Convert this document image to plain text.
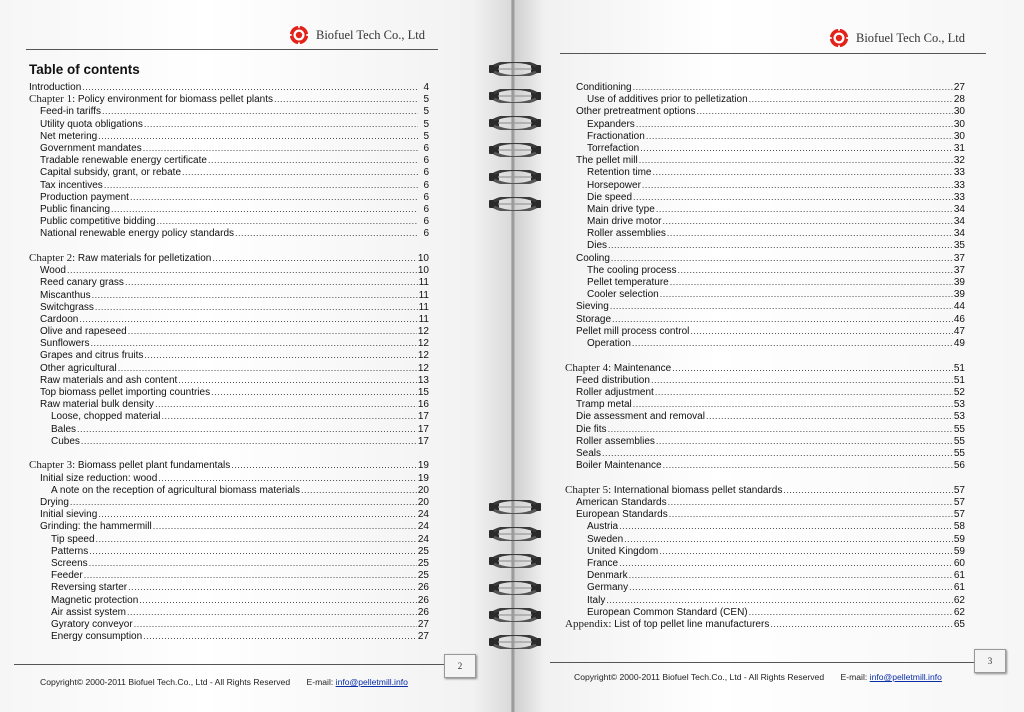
Biofuel Tech Co., Ltd
Table of contents
Introduction .....	4
Chapter 1: Policy environment for biomass pellet plants .....	5
Feed-in tariffs .....	5
Utility quota obligations .....	5
Net metering .....	5
Government mandates .....	6
Tradable renewable energy certificate .....	6
Capital subsidy, grant, or rebate .....	6
Tax incentives .....	6
Production payment .....	6
Public financing .....	6
Public competitive bidding .....	6
National renewable energy policy standards .....	6
Chapter 2: Raw materials for pelletization .....	10
Wood .....	10
Reed canary grass .....	11
Miscanthus .....	11
Switchgrass .....	11
Cardoon .....	11
Olive and rapeseed .....	12
Sunflowers .....	12
Grapes and citrus fruits .....	12
Other agricultural .....	12
Raw materials and ash content .....	13
Top biomass pellet importing countries .....	15
Raw material bulk density .....	16
Loose, chopped material .....	17
Bales .....	17
Cubes .....	17
Chapter 3: Biomass pellet plant fundamentals .....	19
Initial size reduction: wood .....	19
A note on the reception of agricultural biomass materials .....	20
Drying .....	20
Initial sieving .....	24
Grinding: the hammermill .....	24
Tip speed .....	24
Patterns .....	25
Screens .....	25
Feeder .....	25
Reversing starter .....	26
Magnetic protection .....	26
Air assist system .....	26
Gyratory conveyor .....	27
Energy consumption .....	27
2
Copyright© 2000-2011 Biofuel Tech.Co., Ltd - All Rights Reserved E-mail: info@pelletmill.info
Biofuel Tech Co., Ltd
Conditioning .....	27
Use of additives prior to pelletization .....	28
Other pretreatment options .....	30
Expanders .....	30
Fractionation .....	30
Torrefaction .....	31
The pellet mill .....	32
Retention time .....	33
Horsepower .....	33
Die speed .....	33
Main drive type .....	34
Main drive motor .....	34
Roller assemblies .....	34
Dies .....	35
Cooling .....	37
The cooling process .....	37
Pellet temperature .....	39
Cooler selection .....	39
Sieving .....	44
Storage .....	46
Pellet mill process control .....	47
Operation .....	49
Chapter 4: Maintenance .....	51
Feed distribution .....	51
Roller adjustment .....	52
Tramp metal .....	53
Die assessment and removal .....	53
Die fits .....	55
Roller assemblies .....	55
Seals .....	55
Boiler Maintenance .....	56
Chapter 5: International biomass pellet standards .....	57
American Standards .....	57
European Standards .....	57
Austria .....	58
Sweden .....	59
United Kingdom .....	59
France .....	60
Denmark .....	61
Germany .....	61
Italy .....	62
European Common Standard (CEN) .....	62
Appendix: List of top pellet line manufacturers .....	65
3
Copyright© 2000-2011 Biofuel Tech.Co., Ltd - All Rights Reserved E-mail: info@pelletmill.info
